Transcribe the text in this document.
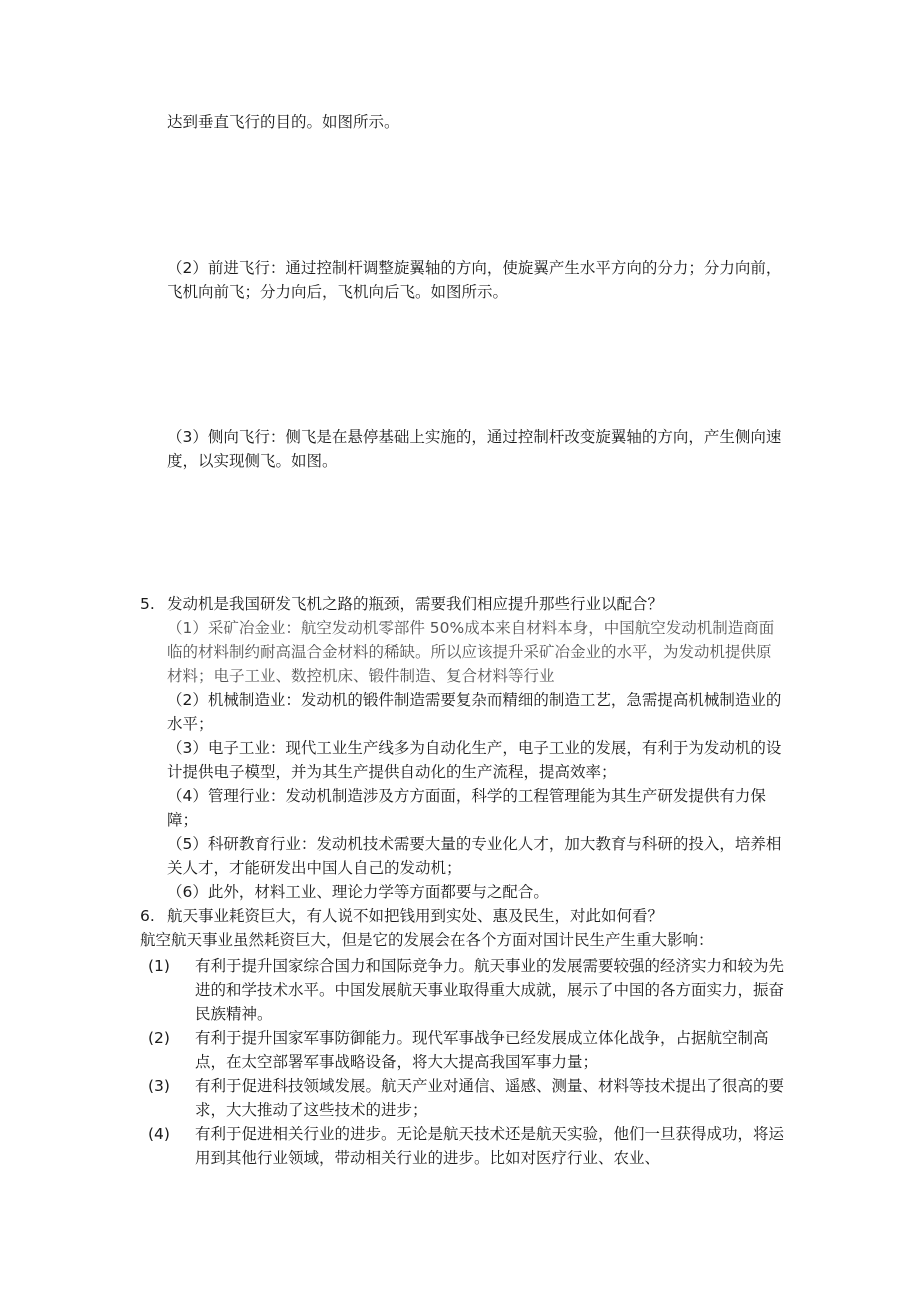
达到垂直飞行的目的。如图所示。
（2）前进飞行：通过控制杆调整旋翼轴的方向，使旋翼产生水平方向的分力；分力向前，飞机向前飞；分力向后，飞机向后飞。如图所示。
（3）侧向飞行：侧飞是在悬停基础上实施的，通过控制杆改变旋翼轴的方向，产生侧向速度，以实现侧飞。如图。
5. 发动机是我国研发飞机之路的瓶颈，需要我们相应提升那些行业以配合？
（1）采矿冶金业：航空发动机零部件 50%成本来自材料本身，中国航空发动机制造商面临的材料制约耐高温合金材料的稀缺。所以应该提升采矿冶金业的水平，为发动机提供原材料；电子工业、数控机床、锻件制造、复合材料等行业
（2）机械制造业：发动机的锻件制造需要复杂而精细的制造工艺，急需提高机械制造业的水平；
（3）电子工业：现代工业生产线多为自动化生产，电子工业的发展，有利于为发动机的设计提供电子模型，并为其生产提供自动化的生产流程，提高效率；
（4）管理行业：发动机制造涉及方方面面，科学的工程管理能为其生产研发提供有力保障；
（5）科研教育行业：发动机技术需要大量的专业化人才，加大教育与科研的投入，培养相关人才，才能研发出中国人自己的发动机；
（6）此外，材料工业、理论力学等方面都要与之配合。
6. 航天事业耗资巨大，有人说不如把钱用到实处、惠及民生，对此如何看？
航空航天事业虽然耗资巨大，但是它的发展会在各个方面对国计民生产生重大影响：
(1) 有利于提升国家综合国力和国际竞争力。航天事业的发展需要较强的经济实力和较为先进的和学技术水平。中国发展航天事业取得重大成就，展示了中国的各方面实力，振奋民族精神。
(2) 有利于提升国家军事防御能力。现代军事战争已经发展成立体化战争，占据航空制高点，在太空部署军事战略设备，将大大提高我国军事力量；
(3) 有利于促进科技领域发展。航天产业对通信、遥感、测量、材料等技术提出了很高的要求，大大推动了这些技术的进步；
(4) 有利于促进相关行业的进步。无论是航天技术还是航天实验，他们一旦获得成功，将运用到其他行业领域，带动相关行业的进步。比如对医疗行业、农业、
